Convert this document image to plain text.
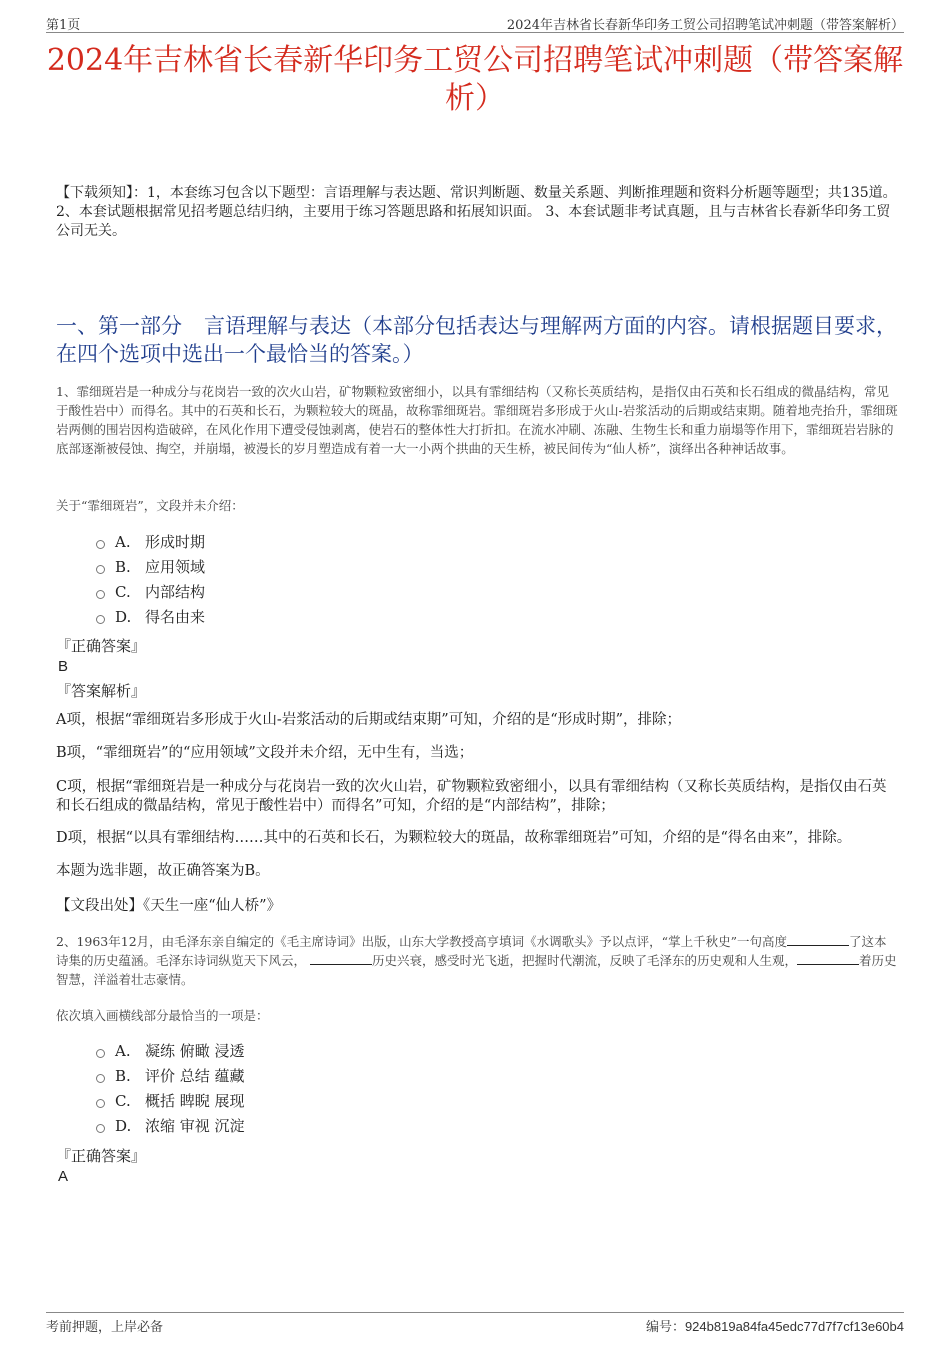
第1页	2024年吉林省长春新华印务工贸公司招聘笔试冲刺题（带答案解析）
2024年吉林省长春新华印务工贸公司招聘笔试冲刺题（带答案解析）
【下载须知】：1，本套练习包含以下题型：言语理解与表达题、常识判断题、数量关系题、判断推理题和资料分析题等题型；共135道。 2、本套试题根据常见招考题总结归纳，主要用于练习答题思路和拓展知识面。 3、本套试题非考试真题，且与吉林省长春新华印务工贸公司无关。
一、第一部分 言语理解与表达（本部分包括表达与理解两方面的内容。请根据题目要求，在四个选项中选出一个最恰当的答案。）
1、霏细斑岩是一种成分与花岗岩一致的次火山岩，矿物颗粒致密细小，以具有霏细结构（又称长英质结构，是指仅由石英和长石组成的微晶结构，常见于酸性岩中）而得名。其中的石英和长石，为颗粒较大的斑晶，故称霏细斑岩。霏细斑岩多形成于火山-岩浆活动的后期或结束期。随着地壳抬升，霏细斑岩两侧的围岩因构造破碎，在风化作用下遭受侵蚀剥离，使岩石的整体性大打折扣。在流水冲刷、冻融、生物生长和重力崩塌等作用下，霏细斑岩岩脉的底部逐渐被侵蚀、掏空，并崩塌，被漫长的岁月塑造成有着一大一小两个拱曲的天生桥，被民间传为“仙人桥”，演绎出各种神话故事。
关于“霏细斑岩”，文段并未介绍：
A. 形成时期
B. 应用领域
C. 内部结构
D. 得名由来
『正确答案』
B
『答案解析』
A项，根据“霏细斑岩多形成于火山-岩浆活动的后期或结束期”可知，介绍的是“形成时期”，排除；
B项，“霏细斑岩”的“应用领域”文段并未介绍，无中生有，当选；
C项，根据“霏细斑岩是一种成分与花岗岩一致的次火山岩，矿物颗粒致密细小，以具有霏细结构（又称长英质结构，是指仅由石英和长石组成的微晶结构，常见于酸性岩中）而得名”可知，介绍的是“内部结构”，排除；
D项，根据“以具有霏细结构……其中的石英和长石，为颗粒较大的斑晶，故称霏细斑岩”可知，介绍的是“得名由来”，排除。
本题为选非题，故正确答案为B。
【文段出处】《天生一座“仙人桥”》
2、1963年12月，由毛泽东亲自编定的《毛主席诗词》出版，山东大学教授高亨填词《水调歌头》予以点评，“掌上千秋史”一句高度	了这本诗集的历史蕴涵。毛泽东诗词纵览天下风云，	历史兴衰，感受时光飞逝，把握时代潮流，反映了毛泽东的历史观和人生观，	着历史智慧，洋溢着壮志豪情。
依次填入画横线部分最恰当的一项是：
A. 凝练 俯瞰 浸透
B. 评价 总结 蕴藏
C. 概括 睥睨 展现
D. 浓缩 审视 沉淀
『正确答案』
A
考前押题，上岸必备	编号：924b819a84fa45edc77d7f7cf13e60b4
